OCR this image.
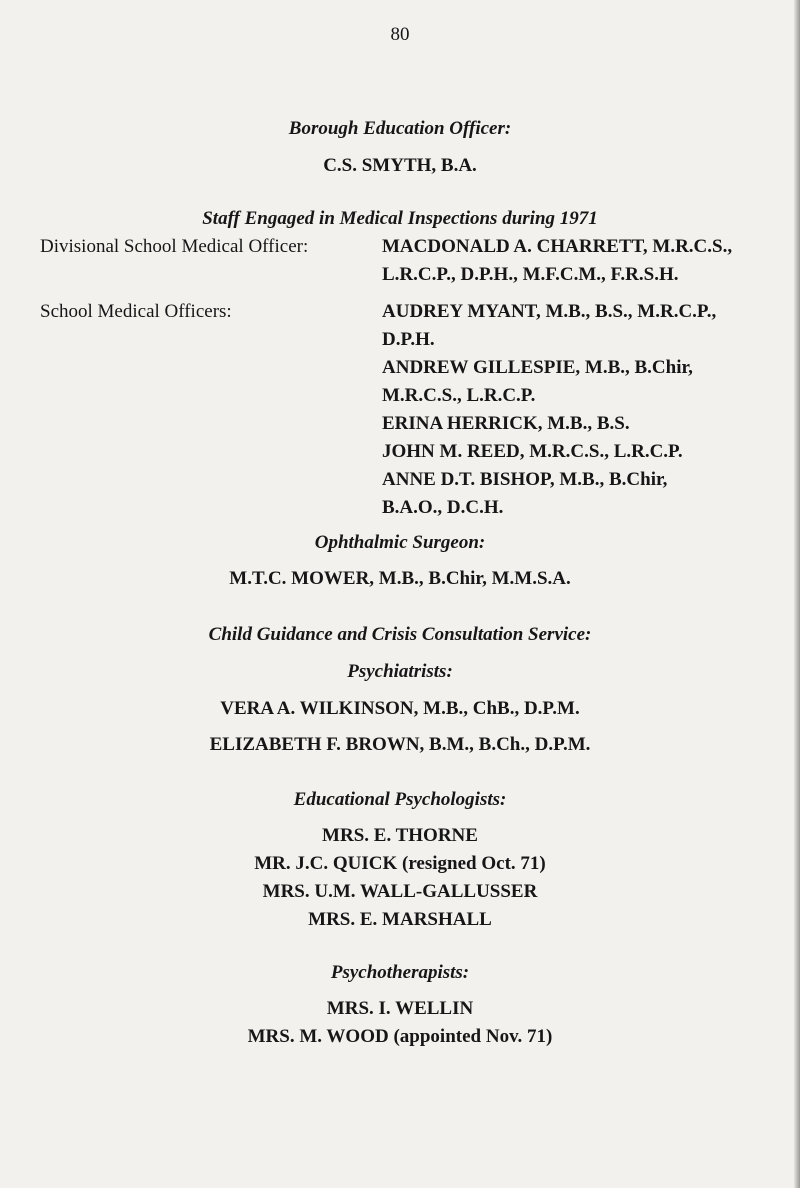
80
Borough Education Officer:
C.S. SMYTH, B.A.
Staff Engaged in Medical Inspections during 1971
Divisional School Medical Officer:	MACDONALD A. CHARRETT, M.R.C.S.,
L.R.C.P., D.P.H., M.F.C.M., F.R.S.H.
School Medical Officers:	AUDREY MYANT, M.B., B.S., M.R.C.P.,
D.P.H.
ANDREW GILLESPIE, M.B., B.Chir,
M.R.C.S., L.R.C.P.
ERINA HERRICK, M.B., B.S.
JOHN M. REED, M.R.C.S., L.R.C.P.
ANNE D.T. BISHOP, M.B., B.Chir,
B.A.O., D.C.H.
Ophthalmic Surgeon:
M.T.C. MOWER, M.B., B.Chir, M.M.S.A.
Child Guidance and Crisis Consultation Service:
Psychiatrists:
VERA A. WILKINSON, M.B., ChB., D.P.M.
ELIZABETH F. BROWN, B.M., B.Ch., D.P.M.
Educational Psychologists:
MRS. E. THORNE
MR. J.C. QUICK (resigned Oct. 71)
MRS. U.M. WALL-GALLUSSER
MRS. E. MARSHALL
Psychotherapists:
MRS. I. WELLIN
MRS. M. WOOD (appointed Nov. 71)
